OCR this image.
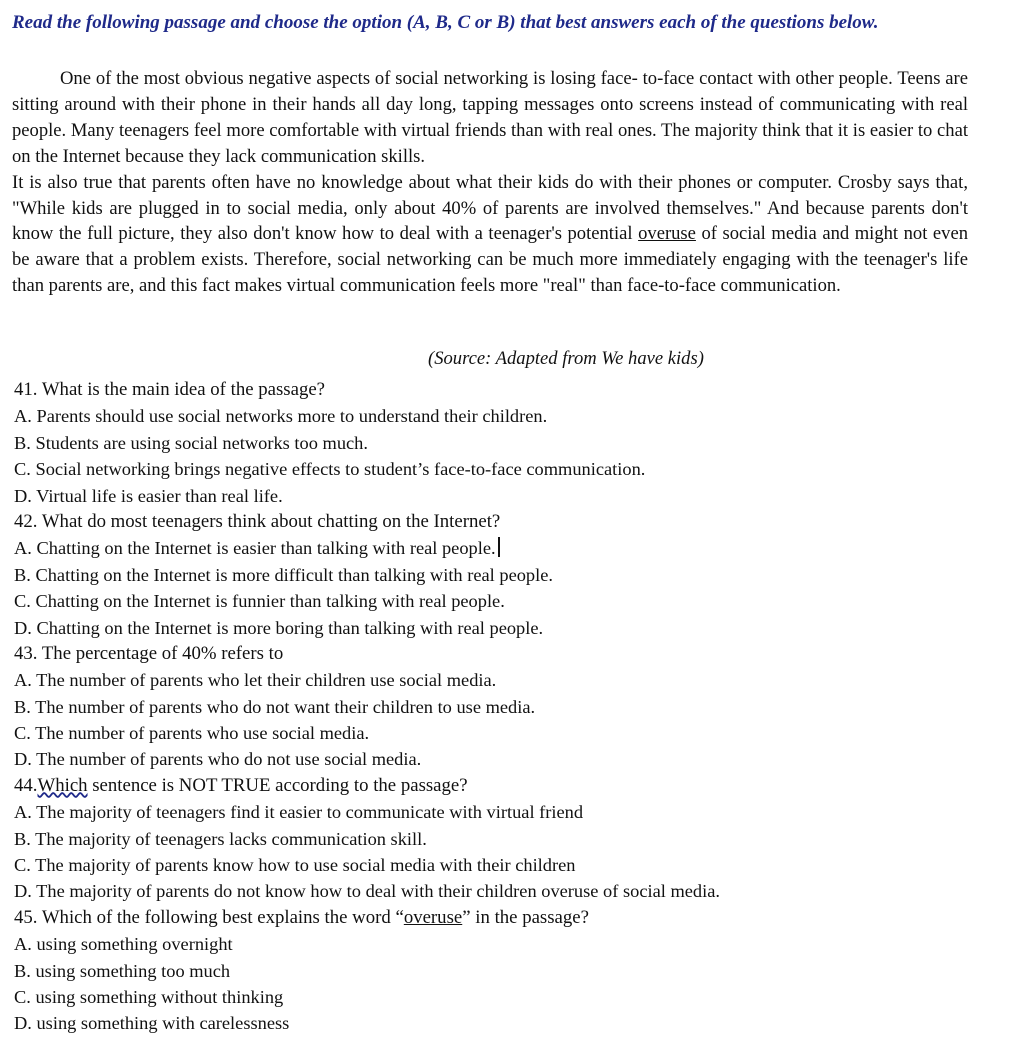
Read the following passage and choose the option (A, B, C or B) that best answers each of the questions below.

One of the most obvious negative aspects of social networking is losing face- to-face contact with other people. Teens are sitting around with their phone in their hands all day long, tapping messages onto screens instead of communicating with real people. Many teenagers feel more comfortable with virtual friends than with real ones. The majority think that it is easier to chat on the Internet because they lack communication skills.

It is also true that parents often have no knowledge about what their kids do with their phones or computer. Crosby says that, "While kids are plugged in to social media, only about 40% of parents are involved themselves." And because parents don't know the full picture, they also don't know how to deal with a teenager's potential overuse of social media and might not even be aware that a problem exists. Therefore, social networking can be much more immediately engaging with the teenager's life than parents are, and this fact makes virtual communication feels more "real" than face-to-face communication.

(Source: Adapted from We have kids)
41. What is the main idea of the passage?
A. Parents should use social networks more to understand their children.
B. Students are using social networks too much.
C. Social networking brings negative effects to student’s face-to-face communication.
D. Virtual life is easier than real life.
42. What do most teenagers think about chatting on the Internet?
A. Chatting on the Internet is easier than talking with real people.
B. Chatting on the Internet is more difficult than talking with real people.
C. Chatting on the Internet is funnier than talking with real people.
D. Chatting on the Internet is more boring than talking with real people.
43. The percentage of 40% refers to
A. The number of parents who let their children use social media.
B. The number of parents who do not want their children to use media.
C. The number of parents who use social media.
D. The number of parents who do not use social media.
44.Which sentence is NOT TRUE according to the passage?
A. The majority of teenagers find it easier to communicate with virtual friend
B. The majority of teenagers lacks communication skill.
C. The majority of parents know how to use social media with their children
D. The majority of parents do not know how to deal with their children overuse of social media.
45. Which of the following best explains the word “overuse” in the passage?
A. using something overnight
B. using something too much
C. using something without thinking
D. using something with carelessness
